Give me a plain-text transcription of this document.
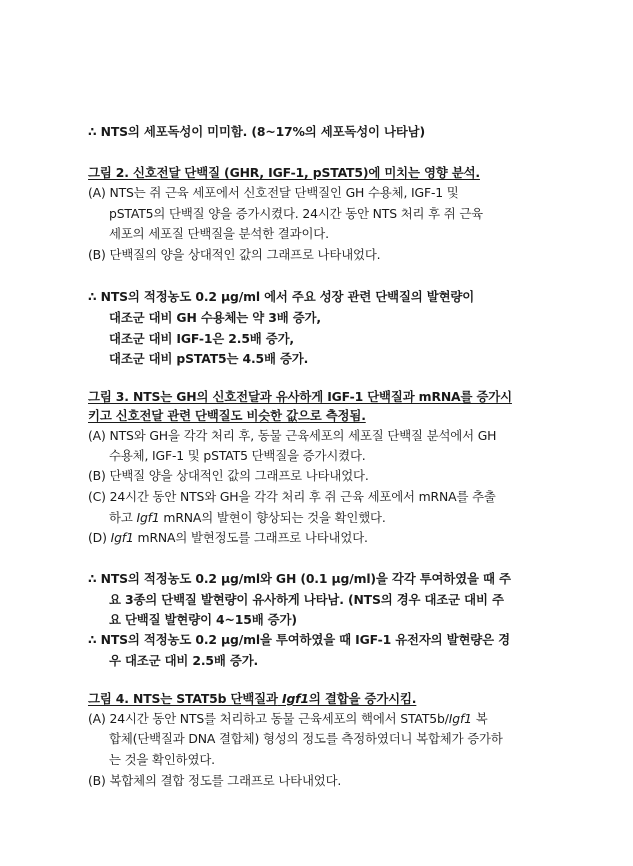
∴ NTS의 세포독성이 미미함. (8~17%의 세포독성이 나타남)
그림 2. 신호전달 단백질 (GHR, IGF-1, pSTAT5)에 미치는 영향 분석.
(A) NTS는 쥐 근육 세포에서 신호전달 단백질인 GH 수용체, IGF-1 및
pSTAT5의 단백질 양을 증가시켰다. 24시간 동안 NTS 처리 후 쥐 근육
세포의 세포질 단백질을 분석한 결과이다.
(B) 단백질의 양을 상대적인 값의 그래프로 나타내었다.
∴ NTS의 적정농도 0.2 μg/ml 에서 주요 성장 관련 단백질의 발현량이
대조군 대비 GH 수용체는 약 3배 증가,
대조군 대비 IGF-1은 2.5배 증가,
대조군 대비 pSTAT5는 4.5배 증가.
그림 3. NTS는 GH의 신호전달과 유사하게 IGF-1 단백질과 mRNA를 증가시
키고 신호전달 관련 단백질도 비슷한 값으로 측정됨.
(A) NTS와 GH을 각각 처리 후, 동물 근육세포의 세포질 단백질 분석에서 GH
수용체, IGF-1 및 pSTAT5 단백질을 증가시켰다.
(B) 단백질 양을 상대적인 값의 그래프로 나타내었다.
(C) 24시간 동안 NTS와 GH을 각각 처리 후 쥐 근육 세포에서 mRNA를 추출
하고 Igf1 mRNA의 발현이 향상되는 것을 확인했다.
(D) Igf1 mRNA의 발현정도를 그래프로 나타내었다.
∴ NTS의 적정농도 0.2 μg/ml와 GH (0.1 μg/ml)을 각각 투여하였을 때 주
요 3종의 단백질 발현량이 유사하게 나타남. (NTS의 경우 대조군 대비 주
요 단백질 발현량이 4~15배 증가)
∴ NTS의 적정농도 0.2 μg/ml을 투여하였을 때 IGF-1 유전자의 발현량은 경
우 대조군 대비 2.5배 증가.
그림 4. NTS는 STAT5b 단백질과 Igf1의 결합을 증가시킴.
(A) 24시간 동안 NTS를 처리하고 동물 근육세포의 핵에서 STAT5b/Igf1 복
합체(단백질과 DNA 결합체) 형성의 정도를 측정하였더니 복합체가 증가하
는 것을 확인하였다.
(B) 복합체의 결합 정도를 그래프로 나타내었다.
